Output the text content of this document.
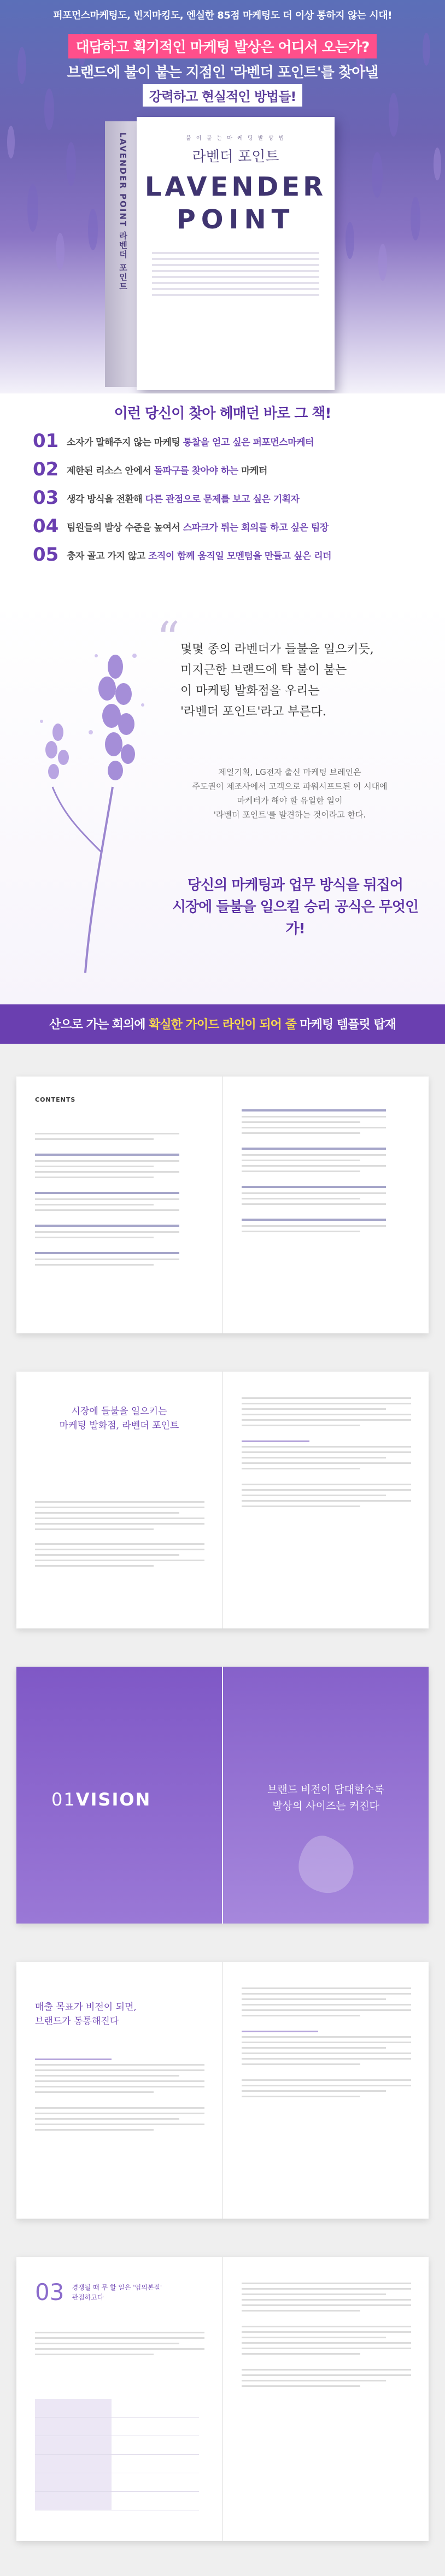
퍼포먼스마케팅도, 빈지마킹도, 엔실한 85점 마케팅도 더 이상 통하지 않는 시대!
대담하고 획기적인 마케팅 발상은 어디서 오는가?
브랜드에 불이 붙는 지점인 '라벤더 포인트'를 찾아낼
강력하고 현실적인 방법들!
LAVENDER POINT 라벤더 포인트	불 이 붙 는 마 케 팅 발 상 법
라벤더 포인트
LAVENDER
POINT
이런 당신이 찾아 헤매던 바로 그 책!
01 소자가 말해주지 않는 마케팅 통찰을 얻고 싶은 퍼포먼스마케터
02 제한된 리소스 안에서 돌파구를 찾아야 하는 마케터
03 생각 방식을 전환해 다른 관점으로 문제를 보고 싶은 기획자
04 팀원들의 발상 수준을 높여서 스파크가 튀는 회의를 하고 싶은 팀장
05 충자 골고 가지 않고 조직이 함께 움직일 모멘텀을 만들고 싶은 리더
“ 몇몇 종의 라벤더가 들불을 일으키듯,
미지근한 브랜드에 탁 불이 붙는
이 마케팅 발화점을 우리는
'라벤더 포인트'라고 부른다.
제일기획, LG전자 출신 마케팅 브레인은
주도권이 제조사에서 고객으로 파워시프트된 이 시대에
마케터가 해야 할 유일한 일이
'라벤더 포인트'를 발견하는 것이라고 한다.
당신의 마케팅과 업무 방식을 뒤집어
시장에 들불을 일으킬 승리 공식은 무엇인가!
산으로 가는 회의에 확실한 가이드 라인이 되어 줄 마케팅 템플릿 탑재
CONTENTS
시장에 들불을 일으키는
마케팅 발화점, 라벤더 포인트
01VISION	브랜드 비전이 담대할수록
발상의 사이즈는 커진다
매출 목표가 비전이 되면,
브랜드가 동통해진다
03 경쟁될 때 무 할 일은 '업의본질'
관점하고다
